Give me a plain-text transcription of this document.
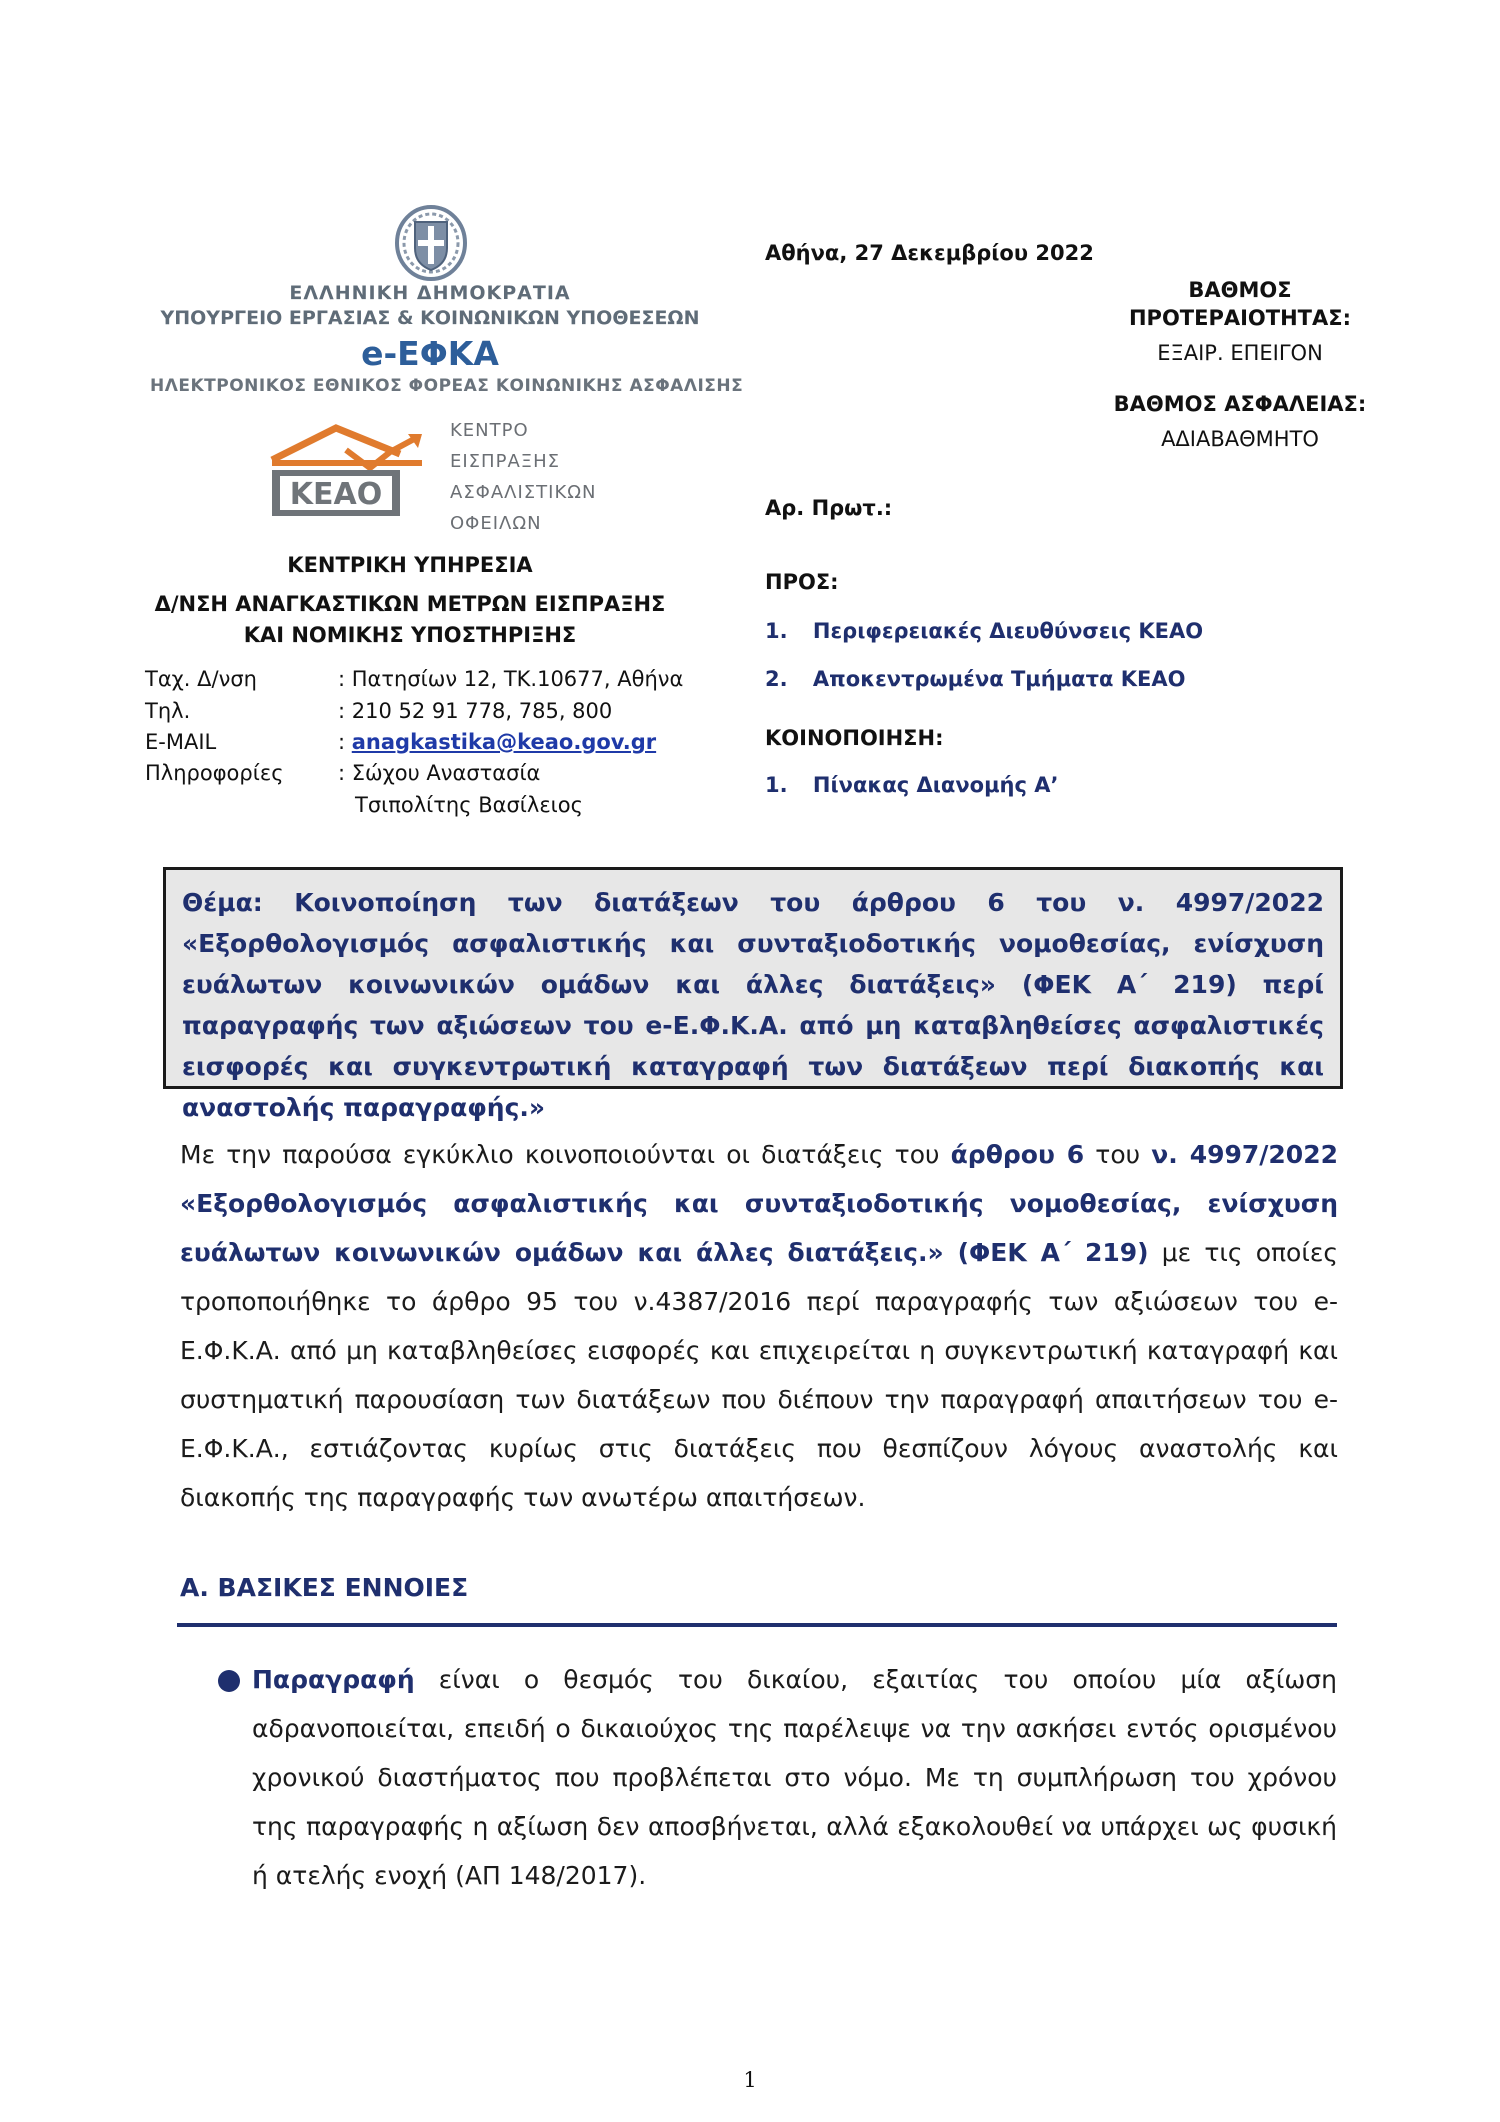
ΕΛΛΗΝΙΚΗ ΔΗΜΟΚΡΑΤΙΑ
ΥΠΟΥΡΓΕΙΟ ΕΡΓΑΣΙΑΣ & ΚΟΙΝΩΝΙΚΩΝ ΥΠΟΘΕΣΕΩΝ
e-ΕΦΚΑ
ΗΛΕΚΤΡΟΝΙΚΟΣ ΕΘΝΙΚΟΣ ΦΟΡΕΑΣ ΚΟΙΝΩΝΙΚΗΣ ΑΣΦΑΛΙΣΗΣ
ΚΕΑΟ
ΚΕΝΤΡΟ
ΕΙΣΠΡΑΞΗΣ
ΑΣΦΑΛΙΣΤΙΚΩΝ
ΟΦΕΙΛΩΝ
ΚΕΝΤΡΙΚΗ ΥΠΗΡΕΣΙΑ
Δ/ΝΣΗ ΑΝΑΓΚΑΣΤΙΚΩΝ ΜΕΤΡΩΝ ΕΙΣΠΡΑΞΗΣ
ΚΑΙ ΝΟΜΙΚΗΣ ΥΠΟΣΤΗΡΙΞΗΣ
Ταχ. Δ/νση	: Πατησίων 12, ΤΚ.10677, Αθήνα
Τηλ.	: 210 52 91 778, 785, 800
E-MAIL	: anagkastika@keao.gov.gr
Πληροφορίες	: Σώχου Αναστασία
Τσιπολίτης Βασίλειος
Αθήνα, 27 Δεκεμβρίου 2022
ΒΑΘΜΟΣ
ΠΡΟΤΕΡΑΙΟΤΗΤΑΣ:
ΕΞΑΙΡ. ΕΠΕΙΓΟΝ
ΒΑΘΜΟΣ ΑΣΦΑΛΕΙΑΣ:
ΑΔΙΑΒΑΘΜΗΤΟ
Αρ. Πρωτ.:
ΠΡΟΣ:
1. Περιφερειακές Διευθύνσεις ΚΕΑΟ
2. Αποκεντρωμένα Τμήματα ΚΕΑΟ
ΚΟΙΝΟΠΟΙΗΣΗ:
1. Πίνακας Διανομής Α’

Θέμα: Κοινοποίηση των διατάξεων του άρθρου 6 του ν. 4997/2022 «Εξορθολογισμός ασφαλιστικής και συνταξιοδοτικής νομοθεσίας, ενίσχυση ευάλωτων κοινωνικών ομάδων και άλλες διατάξεις» (ΦΕΚ Α΄ 219) περί παραγραφής των αξιώσεων του e-Ε.Φ.Κ.Α. από μη καταβληθείσες ασφαλιστικές εισφορές και συγκεντρωτική καταγραφή των διατάξεων περί διακοπής και αναστολής παραγραφής.»

Με την παρούσα εγκύκλιο κοινοποιούνται οι διατάξεις του άρθρου 6 του ν. 4997/2022 «Εξορθολογισμός ασφαλιστικής και συνταξιοδοτικής νομοθεσίας, ενίσχυση ευάλωτων κοινωνικών ομάδων και άλλες διατάξεις.» (ΦΕΚ Α΄ 219) με τις οποίες τροποποιήθηκε το άρθρο 95 του ν.4387/2016 περί παραγραφής των αξιώσεων του e-Ε.Φ.Κ.Α. από μη καταβληθείσες εισφορές και επιχειρείται η συγκεντρωτική καταγραφή και συστηματική παρουσίαση των διατάξεων που διέπουν την παραγραφή απαιτήσεων του e-Ε.Φ.Κ.Α., εστιάζοντας κυρίως στις διατάξεις που θεσπίζουν λόγους αναστολής και διακοπής της παραγραφής των ανωτέρω απαιτήσεων.
Α. ΒΑΣΙΚΕΣ ΕΝΝΟΙΕΣ
Παραγραφή είναι ο θεσμός του δικαίου, εξαιτίας του οποίου μία αξίωση αδρανοποιείται, επειδή ο δικαιούχος της παρέλειψε να την ασκήσει εντός ορισμένου χρονικού διαστήματος που προβλέπεται στο νόμο. Με τη συμπλήρωση του χρόνου της παραγραφής η αξίωση δεν αποσβήνεται, αλλά εξακολουθεί να υπάρχει ως φυσική ή ατελής ενοχή (ΑΠ 148/2017).
1
